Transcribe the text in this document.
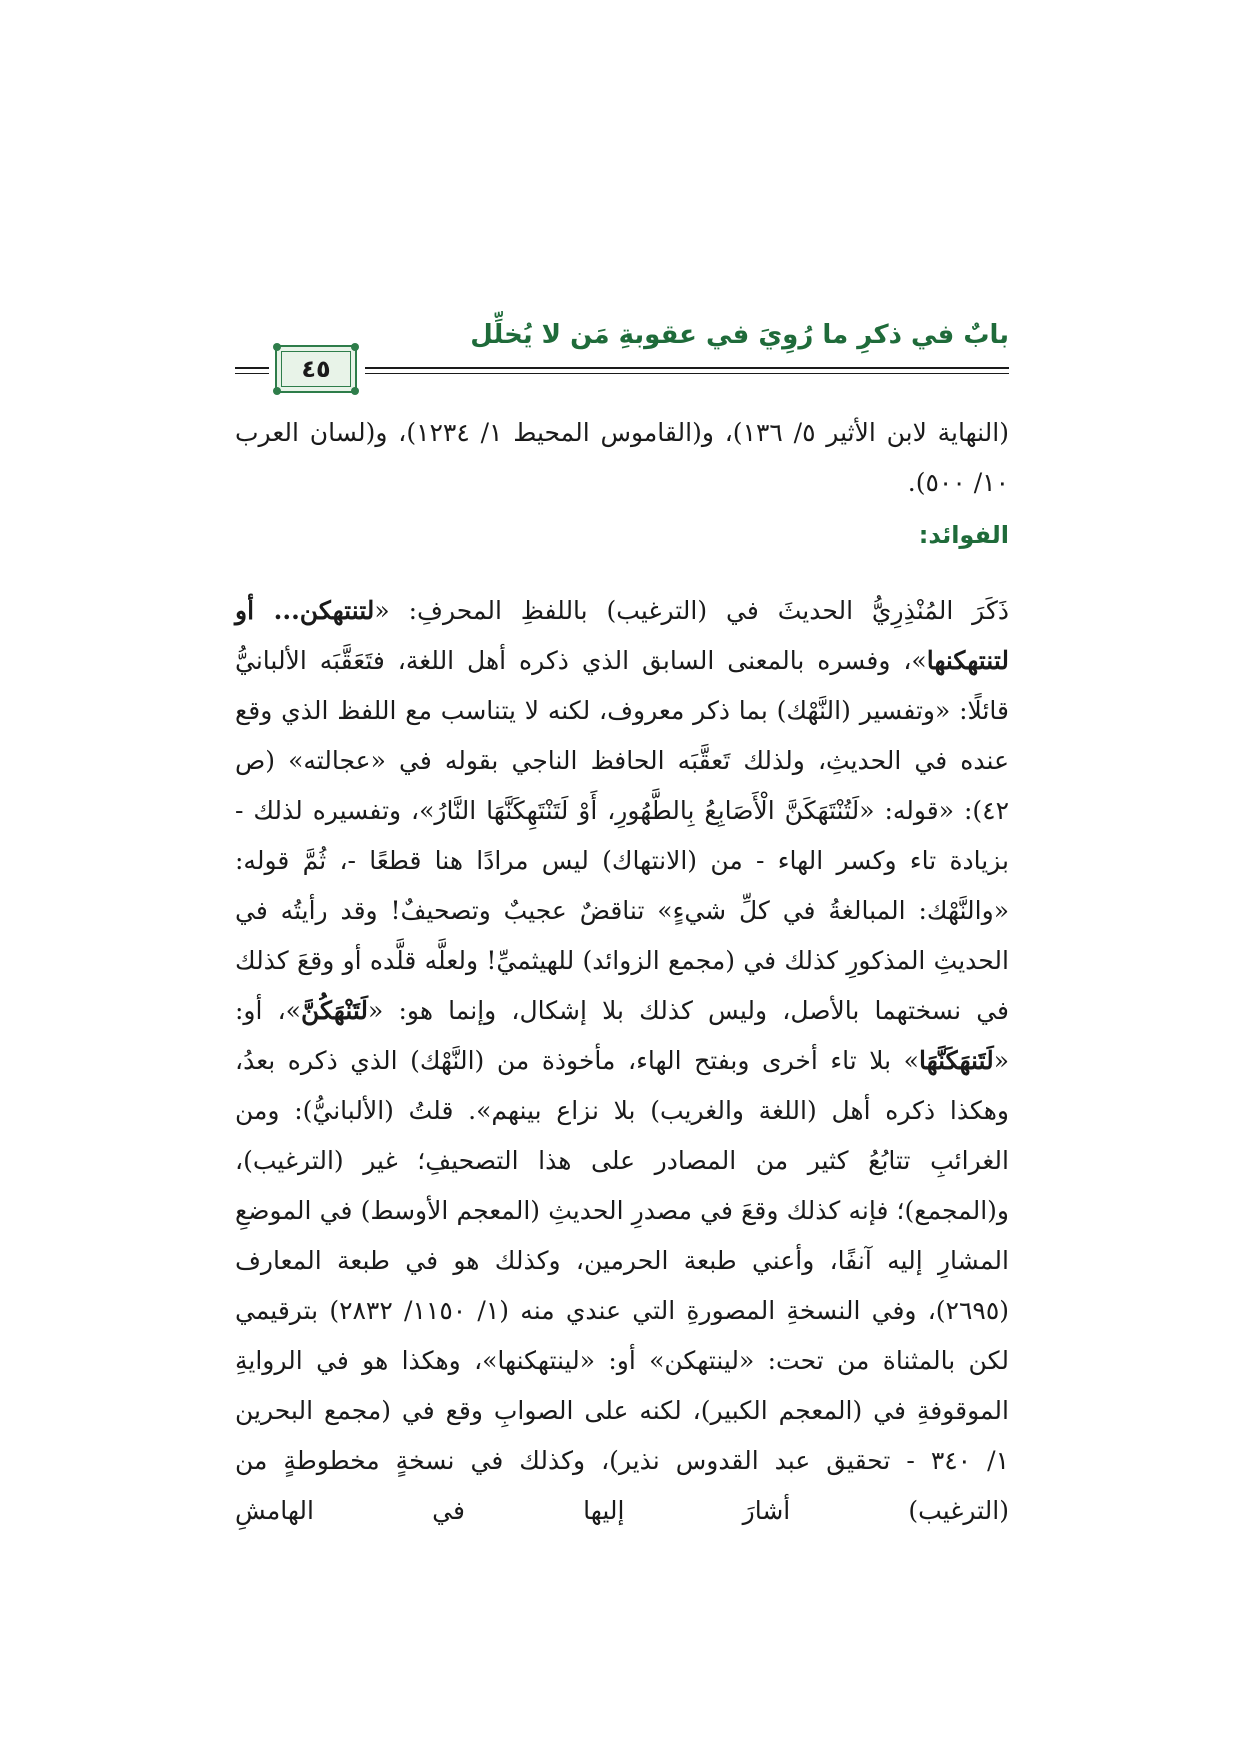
بابٌ في ذكرِ ما رُوِيَ في عقوبةِ مَن لا يُخلِّل
٤٥
(النهاية لابن الأثير ٥/ ١٣٦)، و(القاموس المحيط ١/ ١٢٣٤)، و(لسان العرب ١٠/ ٥٠٠).
الفوائد:
ذَكَرَ المُنْذِرِيُّ الحديثَ في (الترغيب) باللفظِ المحرفِ: «لتنتهكن... أو لتنتهكنها»، وفسره بالمعنى السابق الذي ذكره أهل اللغة، فتَعَقَّبَه الألبانيُّ قائلًا: «وتفسير (النَّهْك) بما ذكر معروف، لكنه لا يتناسب مع اللفظ الذي وقع عنده في الحديثِ، ولذلك تَعقَّبَه الحافظ الناجي بقوله في «عجالته» (ص ٤٢): «قوله: «لَتُنْتَهَكَنَّ الْأَصَابِعُ بِالطَّهُورِ، أَوْ لَتَنْتَهِكَنَّهَا النَّارُ»، وتفسيره لذلك - بزيادة تاء وكسر الهاء - من (الانتهاك) ليس مرادًا هنا قطعًا -، ثُمَّ قوله: «والنَّهْك: المبالغةُ في كلِّ شيءٍ» تناقضٌ عجيبٌ وتصحيفٌ! وقد رأيتُه في الحديثِ المذكورِ كذلك في (مجمع الزوائد) للهيثميِّ! ولعلَّه قلَّده أو وقعَ كذلك في نسختهما بالأصل، وليس كذلك بلا إشكال، وإنما هو: «لَتَنْهَكُنَّ»، أو: «لَتَنهَكَنَّهَا» بلا تاء أخرى وبفتح الهاء، مأخوذة من (النَّهْك) الذي ذكره بعدُ، وهكذا ذكره أهل (اللغة والغريب) بلا نزاع بينهم». قلتُ (الألبانيُّ): ومن الغرائبِ تتابُعُ كثير من المصادر على هذا التصحيفِ؛ غير (الترغيب)، و(المجمع)؛ فإنه كذلك وقعَ في مصدرِ الحديثِ (المعجم الأوسط) في الموضعِ المشارِ إليه آنفًا، وأعني طبعة الحرمين، وكذلك هو في طبعة المعارف (٢٦٩٥)، وفي النسخةِ المصورةِ التي عندي منه (١/ ١١٥٠/ ٢٨٣٢) بترقيمي لكن بالمثناة من تحت: «لينتهكن» أو: «لينتهكنها»، وهكذا هو في الروايةِ الموقوفةِ في (المعجم الكبير)، لكنه على الصوابِ وقع في (مجمع البحرين ١/ ٣٤٠ - تحقيق عبد القدوس نذير)، وكذلك في نسخةٍ مخطوطةٍ من (الترغيب) أشارَ إليها في الهامشِ
